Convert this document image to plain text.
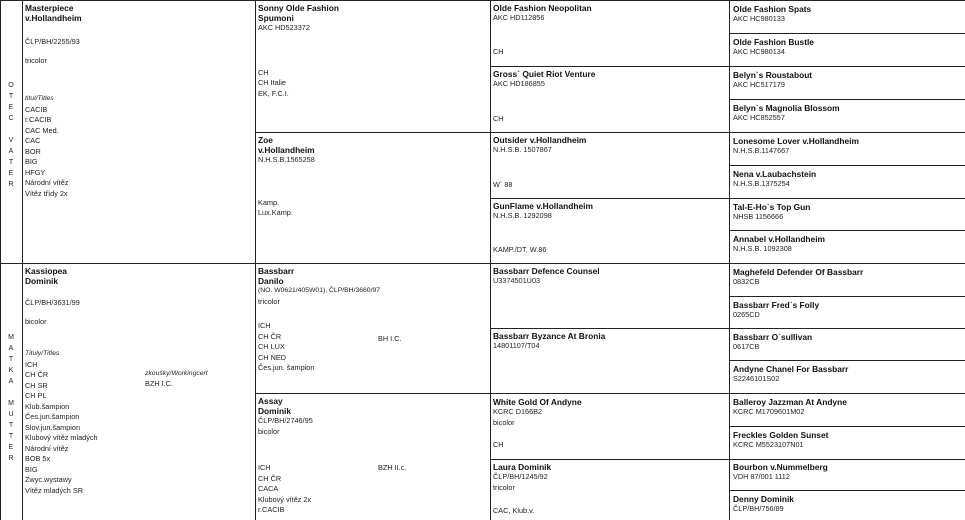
O
T
E
C

V
A
T
E
R
M
A
T
K
A

M
U
T
T
E
R
Masterpiece
v.Hollandheim
ČLP/BH/2255/93
tricolor
titul/Titles
CACIB
r.CACIB
CAC Med.
CAC
BOR
BIG
HFGY
Národní vítěz
Vítěz třídy 2x
Kassiopea
Dominik
ČLP/BH/3631/99
bicolor
Tituly/Titles
ICH
CH ČR
CH SR
CH PL
Klub.šampion
Čes.jun.šampion
Slov.jun.šampion
Klubový vítěz mladých
Národní vítěz
BOB 5x
BIG
Zwyc.wystawy
Vítěz mladých SR
zkoušky/Workingcert
BZH I.C.
Sonny Olde Fashion
Spumoni
AKC HD523372
CH
CH Italie
EK, F.C.I.
Zoe
v.Hollandheim
N.H.S.B.1565258
Kamp.
Lux.Kamp.
Bassbarr
Danilo
(NO. W0621/405W01), ČLP/BH/3660/97
tricolor
ICH
CH ČR
CH LUX
CH NED
Čes.jun. šampion
BH I.C.
Assay
Dominik
ČLP/BH/2746/95
bicolor
ICH
CH ČR
CACA
Klubový vítěz 2x
r.CACIB
BZH II.c.
Olde Fashion Neopolitan
AKC HD112856
CH
Gross` Quiet Riot Venture
AKC HD186855
CH
Outsider v.Hollandheim
N.H.S.B. 1507867
W` 88
GunFlame v.Hollandheim
N.H.S.B. 1292098
KAMP./DT, W.86
Bassbarr Defence Counsel
U3374501U03
Bassbarr Byzance At Bronia
14801107/T04
White Gold Of Andyne
KCRC D166B2
bicolor
CH
Laura Dominik
ČLP/BH/1245/92
tricolor
CAC, Klub.v.
Olde Fashion Spats
AKC HC980133
Olde Fashion Bustle
AKC HC980134
Belyn`s Roustabout
AKC HC517179
Belyn`s Magnolia Blossom
AKC HC852557
Lonesome Lover v.Hollandheim
N.H.S.B.1147667
Nena v.Laubachstein
N.H.S.B.1375254
Tal-E-Ho`s Top Gun
NHSB 1156666
Annabel v.Hollandheim
N.H.S.B. 1092308
Maghefeld Defender Of Bassbarr
0832CB
Bassbarr Fred`s Folly
0265CD
Bassbarr O`sullivan
0617CB
Andyne Chanel For Bassbarr
S2246101S02
Balleroy Jazzman At Andyne
KCRC M1709601M02
Freckles Golden Sunset
KCRC M5523107N01
Bourbon v.Nummelberg
VDH 87/001 1112
Denny Dominik
ČLP/BH/756/89
